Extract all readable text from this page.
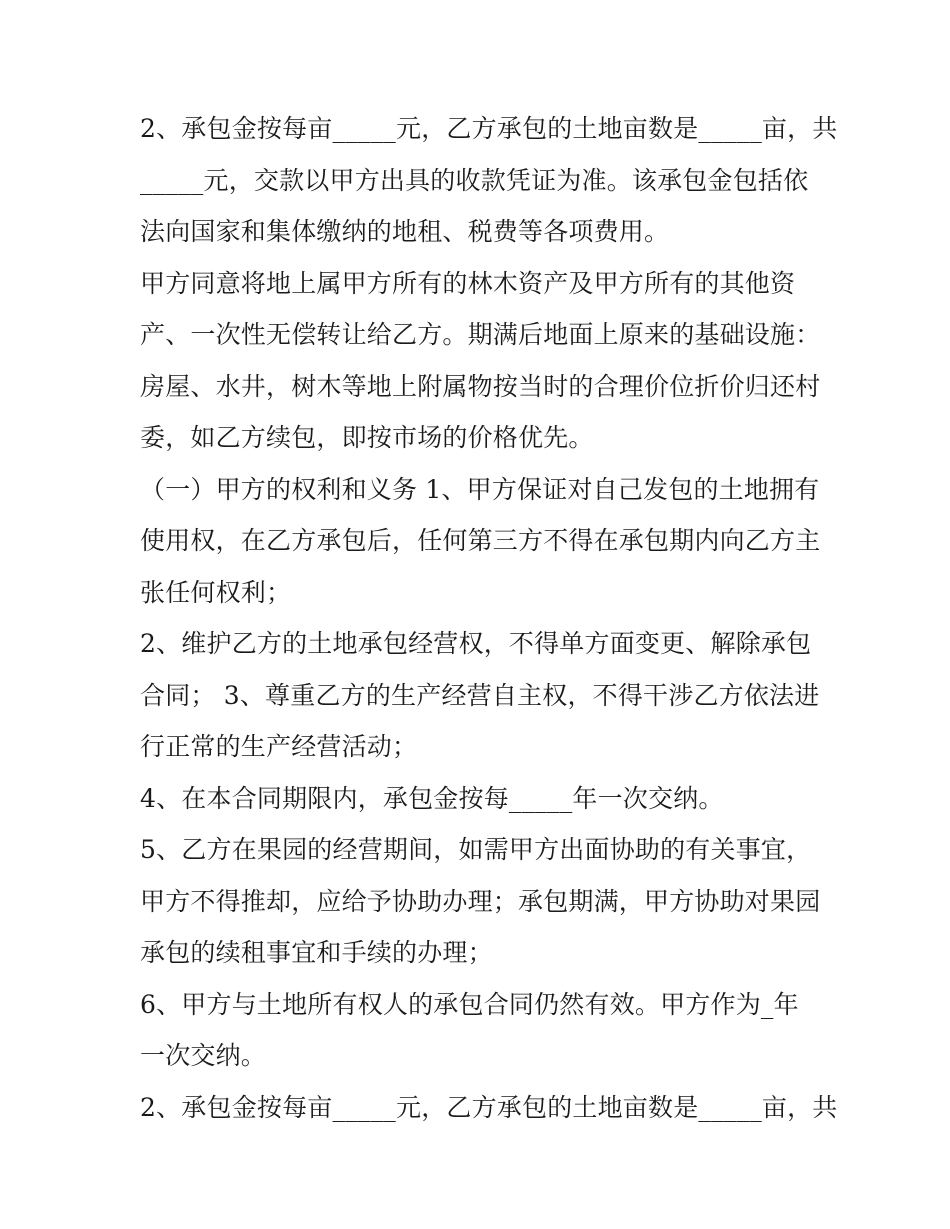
2、承包金按每亩_____元，乙方承包的土地亩数是_____亩，共
_____元，交款以甲方出具的收款凭证为准。该承包金包括依
法向国家和集体缴纳的地租、税费等各项费用。
甲方同意将地上属甲方所有的林木资产及甲方所有的其他资
产、一次性无偿转让给乙方。期满后地面上原来的基础设施：
房屋、水井，树木等地上附属物按当时的合理价位折价归还村
委，如乙方续包，即按市场的价格优先。
（一）甲方的权利和义务 1、甲方保证对自己发包的土地拥有
使用权，在乙方承包后，任何第三方不得在承包期内向乙方主
张任何权利；
2、维护乙方的土地承包经营权，不得单方面变更、解除承包
合同； 3、尊重乙方的生产经营自主权，不得干涉乙方依法进
行正常的生产经营活动；
4、在本合同期限内，承包金按每_____年一次交纳。
5、乙方在果园的经营期间，如需甲方出面协助的有关事宜，
甲方不得推却，应给予协助办理；承包期满，甲方协助对果园
承包的续租事宜和手续的办理；
6、甲方与土地所有权人的承包合同仍然有效。甲方作为_年
一次交纳。
2、承包金按每亩_____元，乙方承包的土地亩数是_____亩，共
